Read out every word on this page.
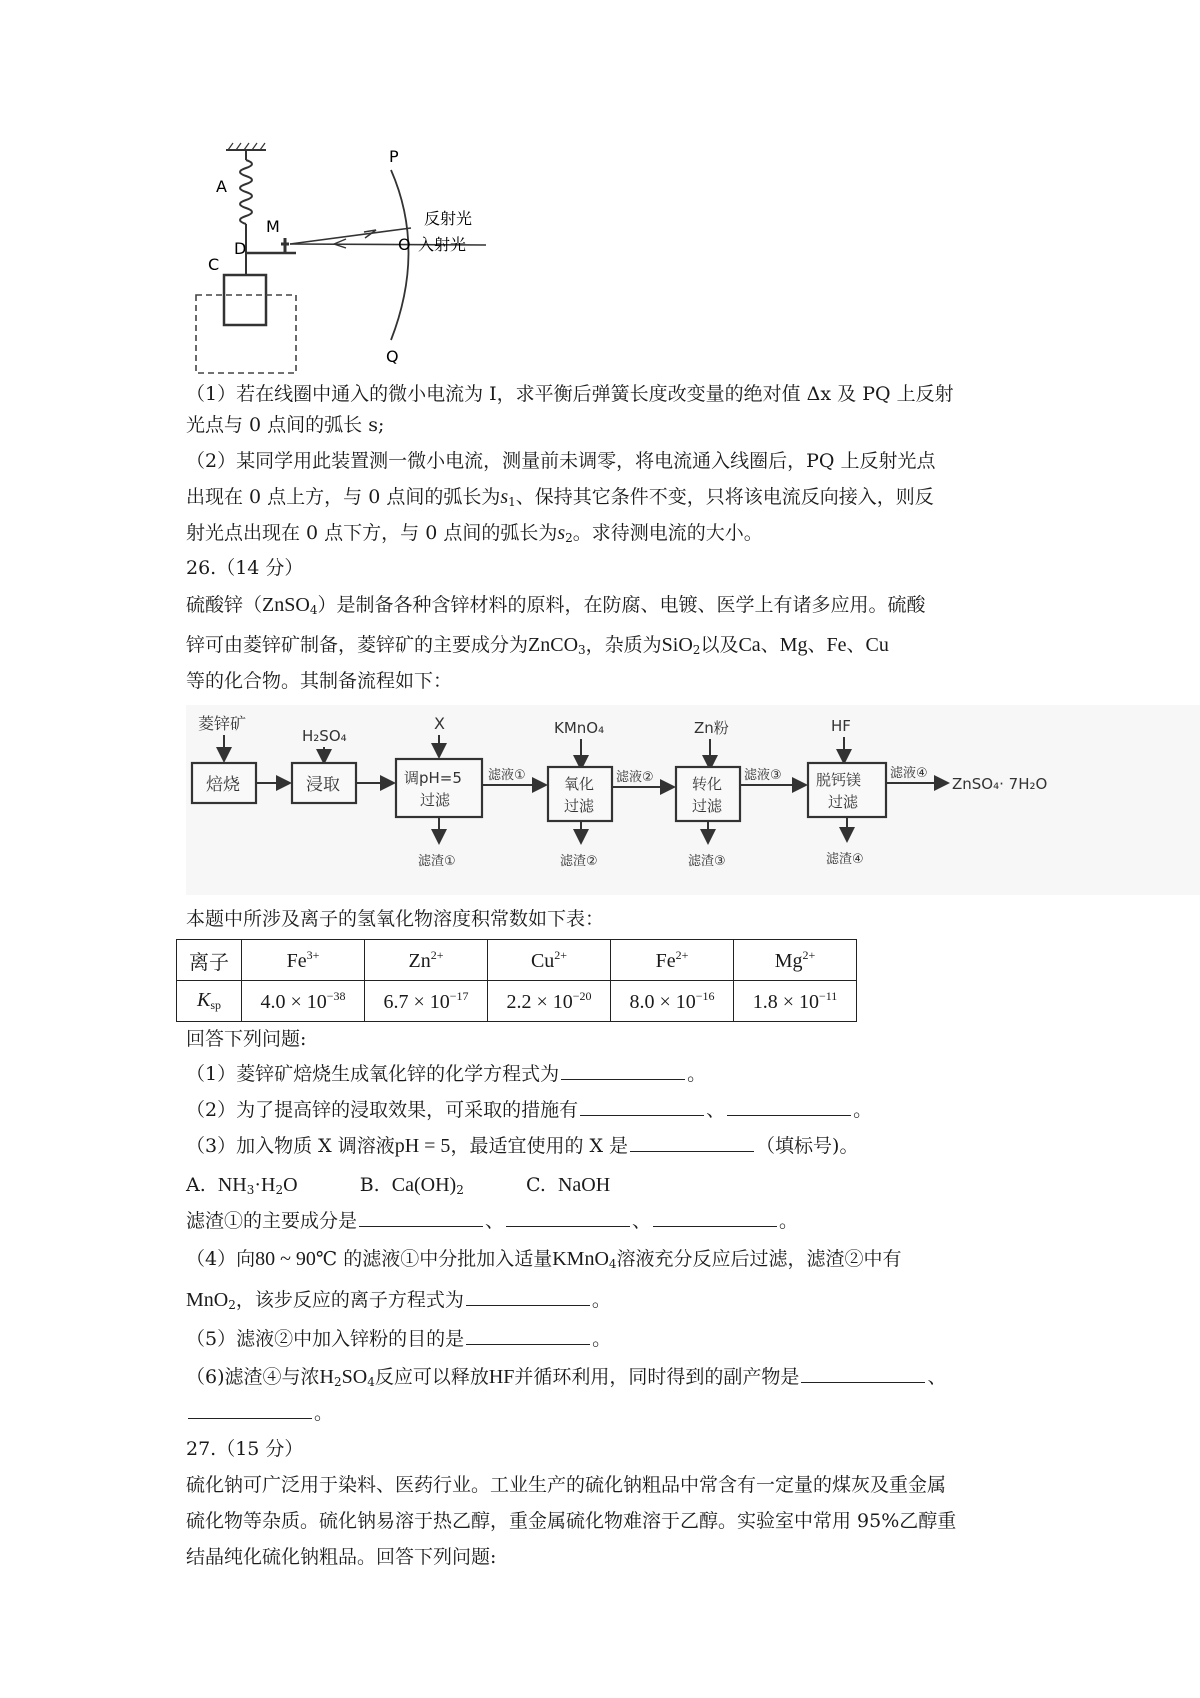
A
C
D
M
O
P
Q
反射光
入射光
（1）若在线圈中通入的微小电流为 I，求平衡后弹簧长度改变量的绝对值 Δx 及 PQ 上反射
光点与 0 点间的弧长 s;
（2）某同学用此装置测一微小电流，测量前未调零，将电流通入线圈后，PQ 上反射光点
出现在 0 点上方，与 0 点间的弧长为$s_1$、保持其它条件不变，只将该电流反向接入，则反
射光点出现在 0 点下方，与 0 点间的弧长为$s_2$。求待测电流的大小。
26.（14 分）
硫酸锌（ZnSO$_4$）是制备各种含锌材料的原料，在防腐、电镀、医学上有诸多应用。硫酸
锌可由菱锌矿制备，菱锌矿的主要成分为ZnCO$_3$，杂质为SiO$_2$以及Ca、Mg、Fe、Cu
等的化合物。其制备流程如下：
菱锌矿
H₂SO₄
X	KMnO₄	Zn粉	HF
焙烧	浸取	调pH=5
过滤
滤液①	氧化
过滤
滤液②	转化
过滤
滤液③ 脱钙镁
过滤
滤液④
ZnSO₄· 7H₂O
滤渣①	滤渣②	滤渣③	滤渣④
本题中所涉及离子的氢氧化物溶度积常数如下表：
离子	$Fe^{3+}$	$Zn^{2+}$	$Cu^{2+}$	$Fe^{2+}$	$Mg^{2+}$
$K_{sp}$	$4.0 \times 10^{-38}$	$6.7 \times 10^{-17}$	$2.2 \times 10^{-20}$	$8.0 \times 10^{-16}$	$1.8 \times 10^{-11}$
回答下列问题:
（1）菱锌矿焙烧生成氧化锌的化学方程式为	。
（2）为了提高锌的浸取效果，可采取的措施有	、	。
（3）加入物质 X 调溶液pH = 5，最适宜使用的 X 是	（填标号)。
A. $NH_3\cdot H_2O$	B. $Ca(OH)_2$	C. NaOH
滤渣①的主要成分是	、	、	。
（4）向80 ~ 90℃ 的滤液①中分批加入适量KMnO$_4$溶液充分反应后过滤，滤渣②中有
MnO$_2$，该步反应的离子方程式为	。
（5）滤液②中加入锌粉的目的是	。
（6)滤渣④与浓$H_2SO_4$反应可以释放HF并循环利用，同时得到的副产物是	、
。
27.（15 分）
硫化钠可广泛用于染料、医药行业。工业生产的硫化钠粗品中常含有一定量的煤灰及重金属
硫化物等杂质。硫化钠易溶于热乙醇，重金属硫化物难溶于乙醇。实验室中常用 95%乙醇重
结晶纯化硫化钠粗品。回答下列问题:
